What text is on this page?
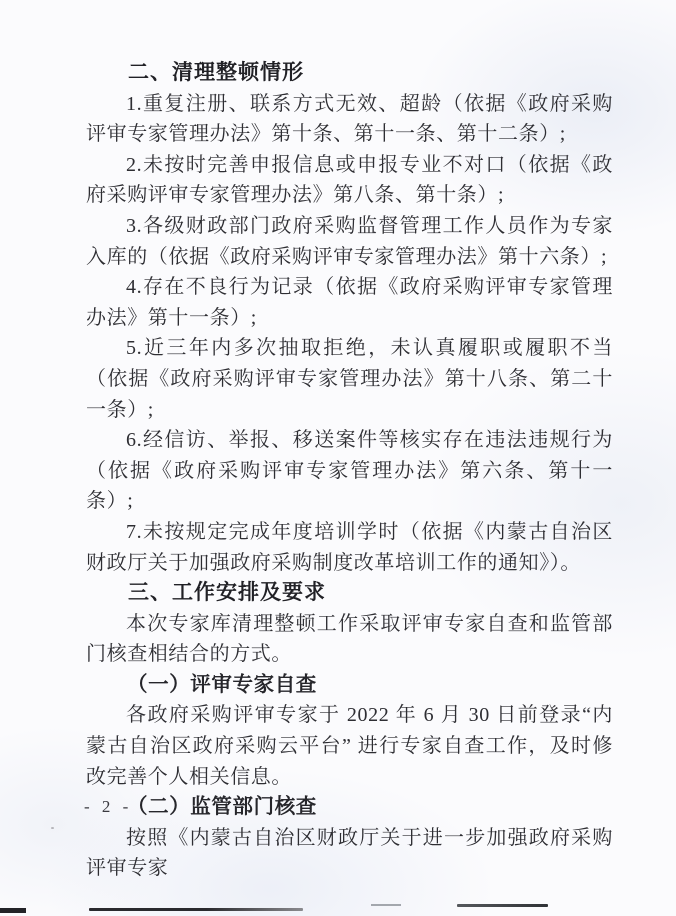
二、清理整顿情形

1.重复注册、联系方式无效、超龄（依据《政府采购评审专家管理办法》第十条、第十一条、第十二条）;

2.未按时完善申报信息或申报专业不对口（依据《政府采购评审专家管理办法》第八条、第十条）;

3.各级财政部门政府采购监督管理工作人员作为专家入库的（依据《政府采购评审专家管理办法》第十六条）;

4.存在不良行为记录（依据《政府采购评审专家管理办法》第十一条）;

5.近三年内多次抽取拒绝，未认真履职或履职不当（依据《政府采购评审专家管理办法》第十八条、第二十一条）;

6.经信访、举报、移送案件等核实存在违法违规行为（依据《政府采购评审专家管理办法》第六条、第十一条）;

7.未按规定完成年度培训学时（依据《内蒙古自治区财政厅关于加强政府采购制度改革培训工作的通知》）。

三、工作安排及要求

本次专家库清理整顿工作采取评审专家自查和监管部门核查相结合的方式。

（一）评审专家自查

各政府采购评审专家于 2022 年 6 月 30 日前登录“内蒙古自治区政府采购云平台” 进行专家自查工作，及时修改完善个人相关信息。

（二）监管部门核查

按照《内蒙古自治区财政厅关于进一步加强政府采购评审专家

- 2 -
